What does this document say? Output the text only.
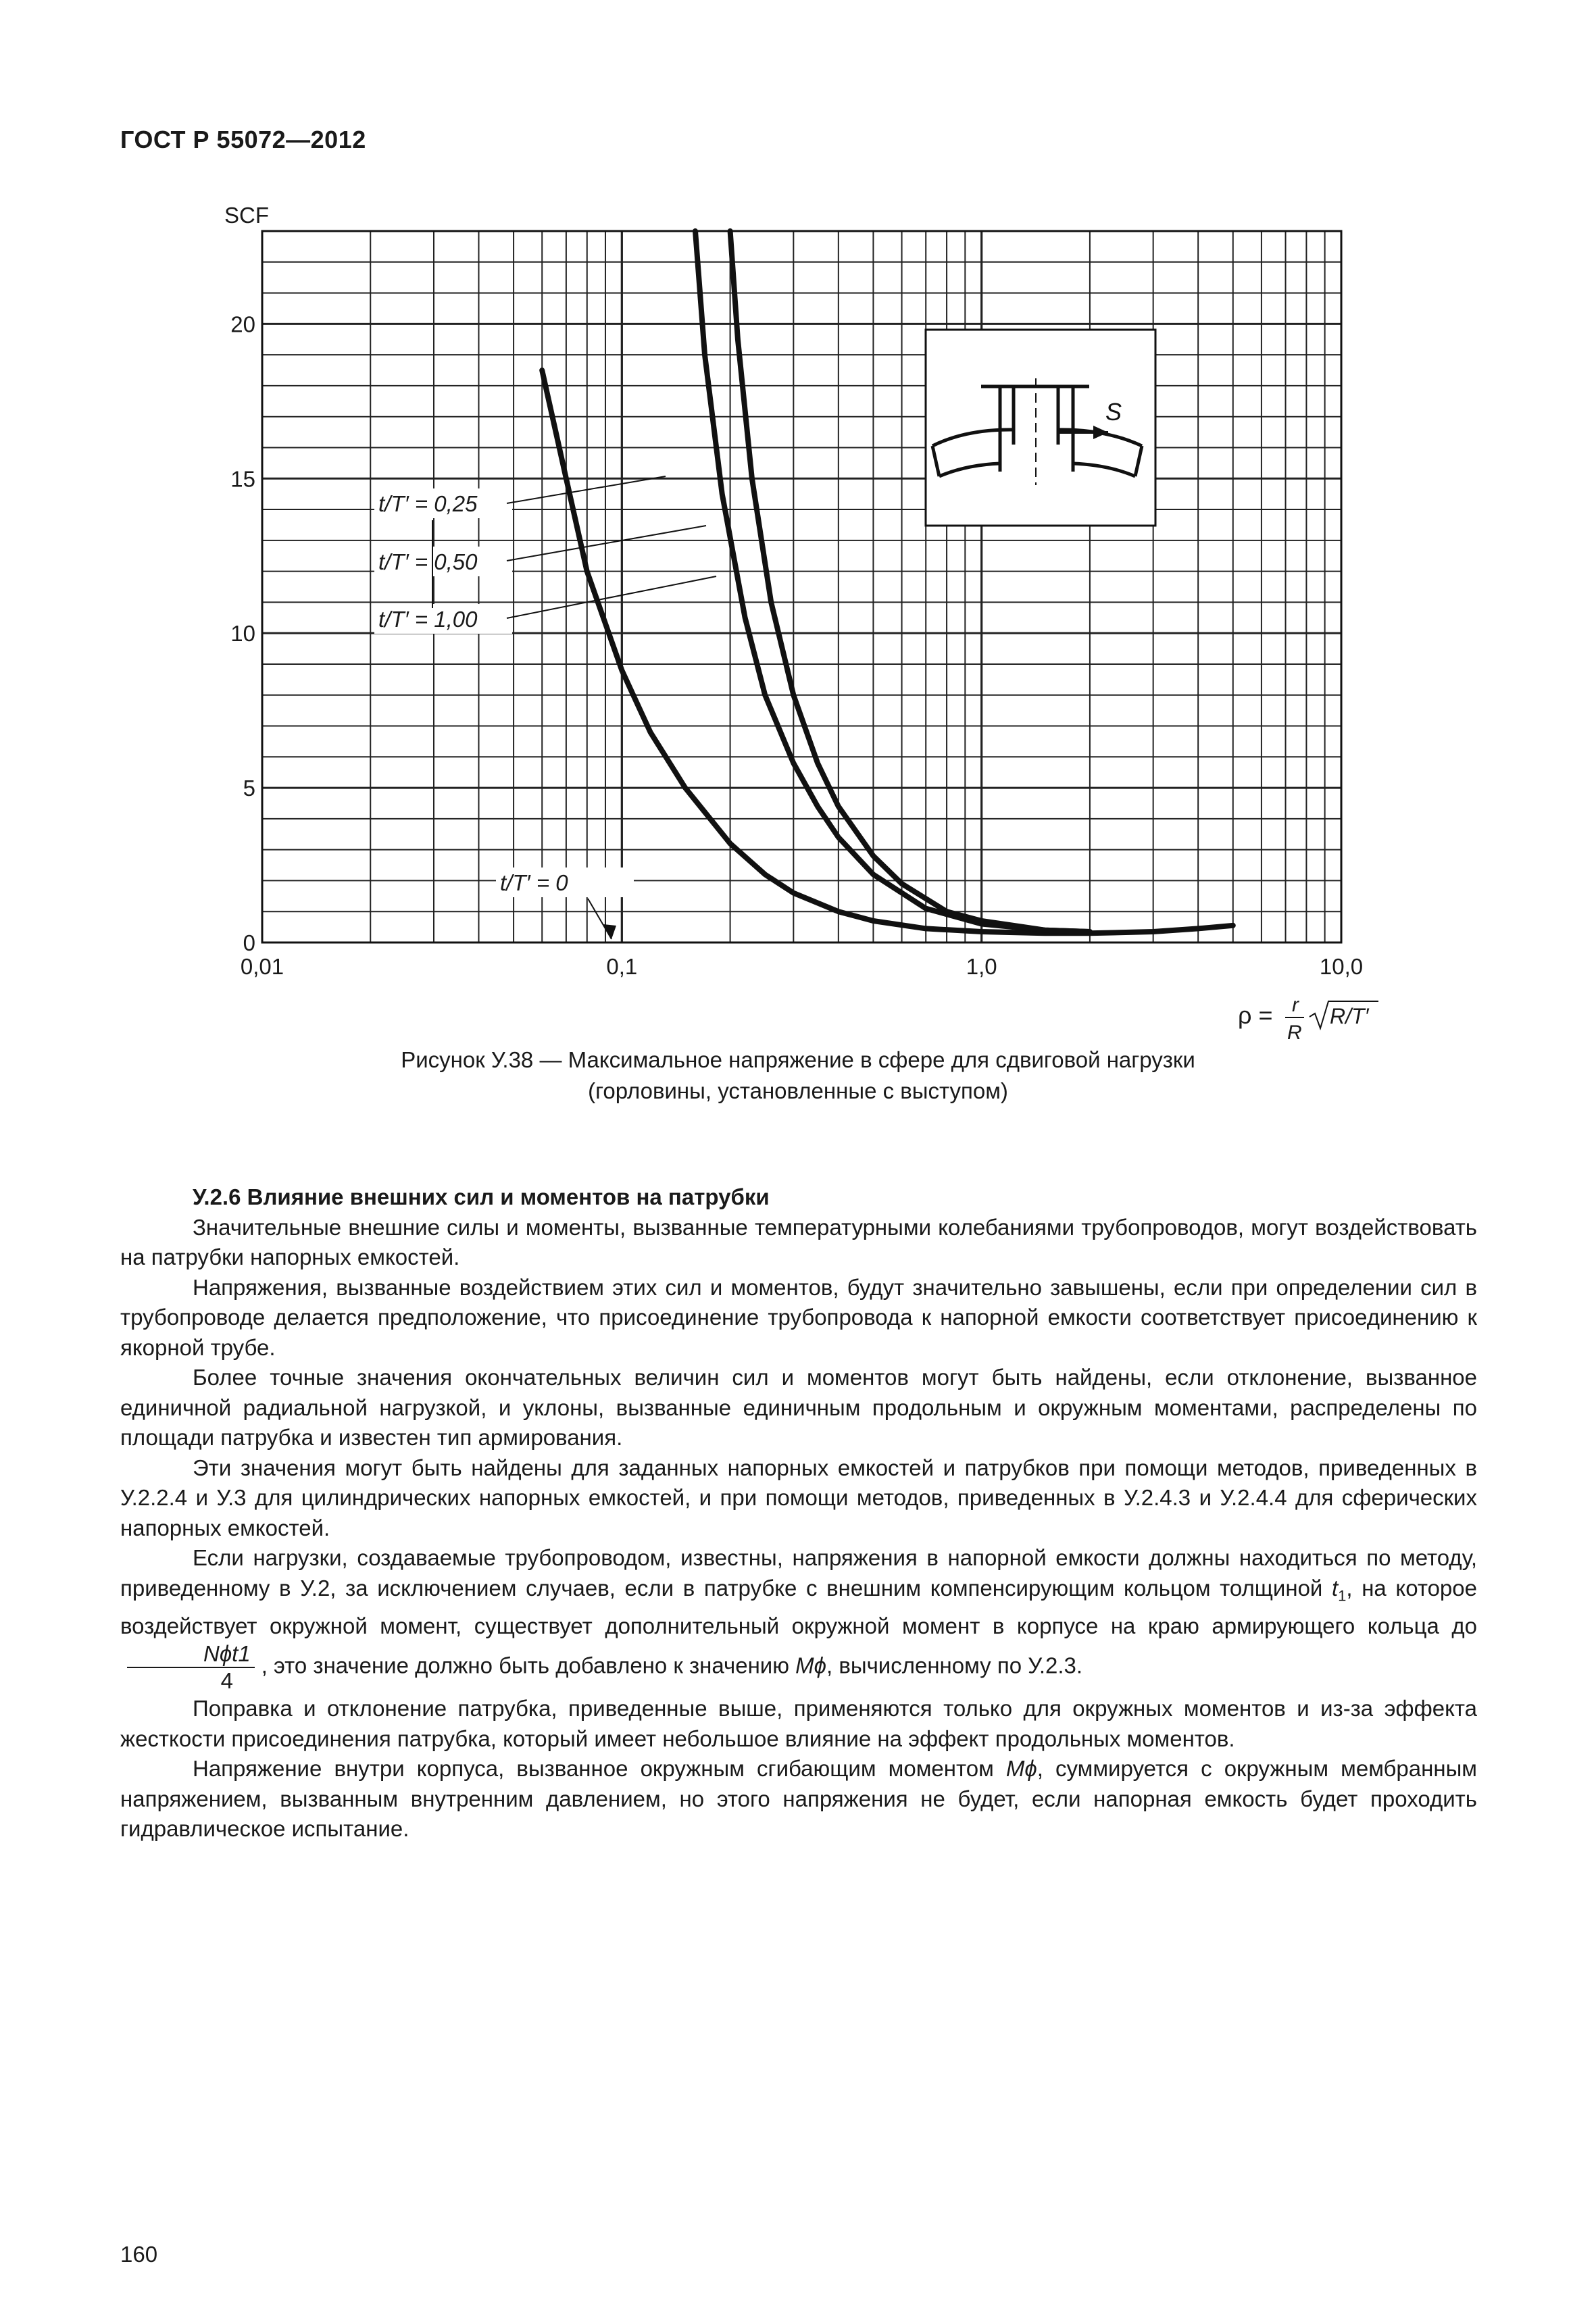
ГОСТ Р 55072—2012
0,01	0,1	1,0	10,0
0
5
10
15
20
S
t/T′ = 0,25
t/T′ = 0,50
t/T′ = 1,00
t/T′ = 0
SCF
ρ = r
R
R/T′
Рисунок У.38 — Максимальное напряжение в сфере для сдвиговой нагрузки
(горловины, установленные с выступом)

У.2.6 Влияние внешних сил и моментов на патрубки

Значительные внешние силы и моменты, вызванные температурными колебаниями трубопроводов, могут воздействовать на патрубки напорных емкостей.

Напряжения, вызванные воздействием этих сил и моментов, будут значительно завышены, если при определении сил в трубопроводе делается предположение, что присоединение трубопровода к напорной емкости соответствует присоединению к якорной трубе.

Более точные значения окончательных величин сил и моментов могут быть найдены, если отклонение, вызванное единичной радиальной нагрузкой, и уклоны, вызванные единичным продольным и окружным моментами, распределены по площади патрубка и известен тип армирования.

Эти значения могут быть найдены для заданных напорных емкостей и патрубков при помощи методов, приведенных в У.2.2.4 и У.3 для цилиндрических напорных емкостей, и при помощи методов, приведенных в У.2.4.3 и У.2.4.4 для сферических напорных емкостей.

Если нагрузки, создаваемые трубопроводом, известны, напряжения в напорной емкости должны находиться по методу, приведенному в У.2, за исключением случаев, если в патрубке с внешним компенсирующим кольцом толщиной $t_1$, на которое воздействует окружной момент, существует дополнительный окружной момент в корпусе на краю армирующего кольца до
$\frac{\text{Nϕt1}}{4}$ , это значение должно быть добавлено к значению Mϕ, вычисленному по У.2.3.

Поправка и отклонение патрубка, приведенные выше, применяются только для окружных моментов и из-за эффекта жесткости присоединения патрубка, который имеет небольшое влияние на эффект продольных моментов.

Напряжение внутри корпуса, вызванное окружным сгибающим моментом Mϕ, суммируется с окружным мембранным напряжением, вызванным внутренним давлением, но этого напряжения не будет, если напорная емкость будет проходить гидравлическое испытание.

160
